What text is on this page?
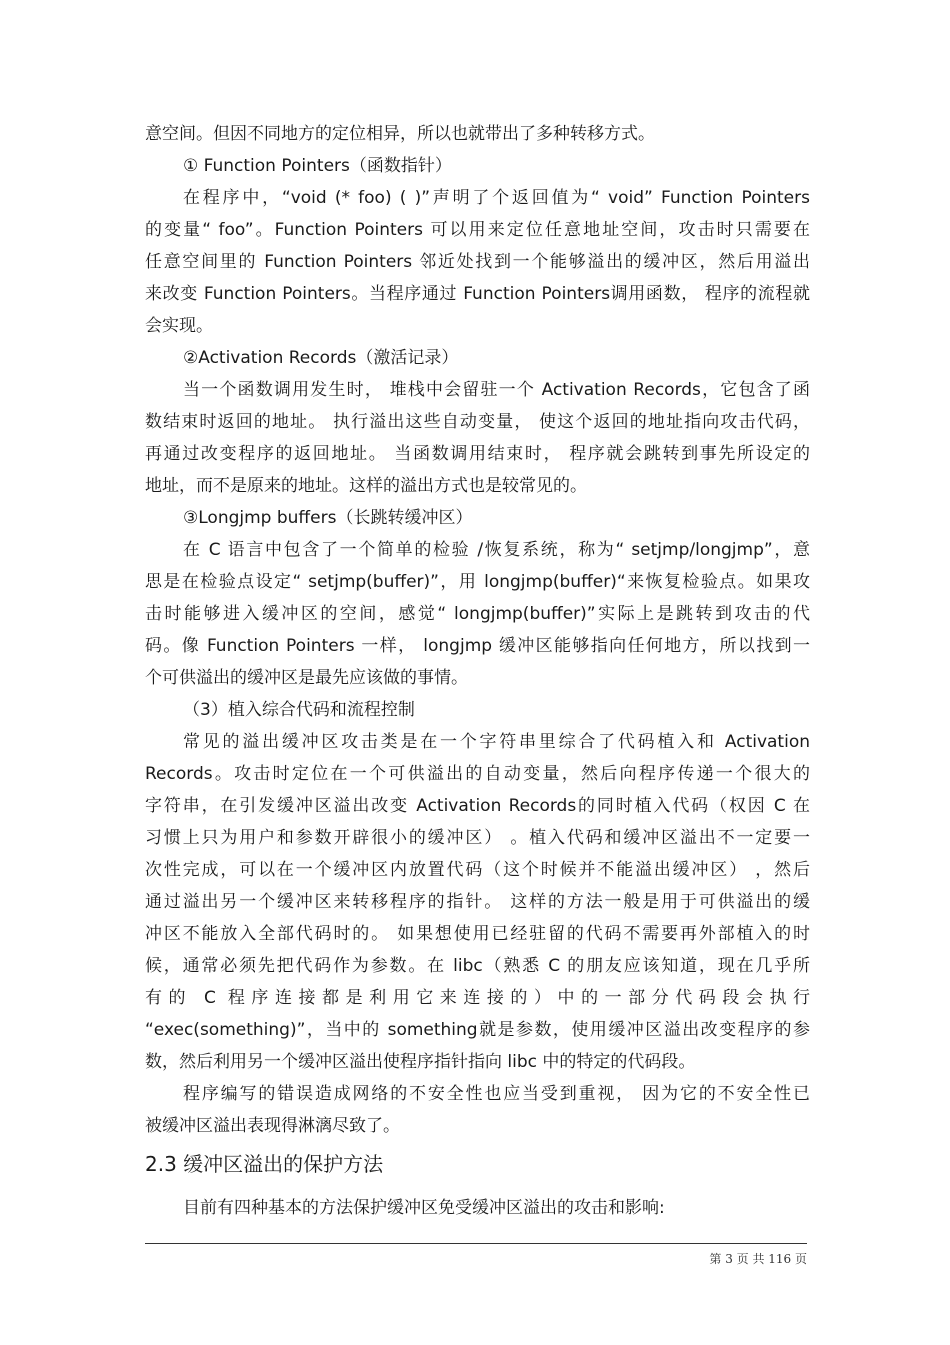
意空间。但因不同地方的定位相异，所以也就带出了多种转移方式。
① Function Pointers（函数指针）
在程序中，“void (* foo) ( )”声明了个返回值为“ void” Function Pointers
的变量“ foo”。Function Pointers 可以用来定位任意地址空间，攻击时只需要在
任意空间里的 Function Pointers 邻近处找到一个能够溢出的缓冲区，然后用溢出
来改变 Function Pointers。当程序通过 Function Pointers调用函数， 程序的流程就
会实现。
②Activation Records（激活记录）
当一个函数调用发生时， 堆栈中会留驻一个 Activation Records，它包含了函
数结束时返回的地址。 执行溢出这些自动变量， 使这个返回的地址指向攻击代码，
再通过改变程序的返回地址。 当函数调用结束时， 程序就会跳转到事先所设定的
地址，而不是原来的地址。这样的溢出方式也是较常见的。
③Longjmp buffers（长跳转缓冲区）
在 C 语言中包含了一个简单的检验 /恢复系统，称为“ setjmp/longjmp”，意
思是在检验点设定“ setjmp(buffer)”，用 longjmp(buffer)“来恢复检验点。如果攻
击时能够进入缓冲区的空间，感觉“ longjmp(buffer)”实际上是跳转到攻击的代
码。像 Function Pointers 一样， longjmp 缓冲区能够指向任何地方，所以找到一
个可供溢出的缓冲区是最先应该做的事情。
（3）植入综合代码和流程控制
常见的溢出缓冲区攻击类是在一个字符串里综合了代码植入和 Activation
Records。攻击时定位在一个可供溢出的自动变量，然后向程序传递一个很大的
字符串，在引发缓冲区溢出改变 Activation Records的同时植入代码（权因 C 在
习惯上只为用户和参数开辟很小的缓冲区） 。植入代码和缓冲区溢出不一定要一
次性完成，可以在一个缓冲区内放置代码（这个时候并不能溢出缓冲区） ，然后
通过溢出另一个缓冲区来转移程序的指针。 这样的方法一般是用于可供溢出的缓
冲区不能放入全部代码时的。 如果想使用已经驻留的代码不需要再外部植入的时
候，通常必须先把代码作为参数。在 libc（熟悉 C 的朋友应该知道，现在几乎所
有的 C 程序连接都是利用它来连接的）中的一部分代码段会执行
“exec(something)”，当中的 something就是参数，使用缓冲区溢出改变程序的参
数，然后利用另一个缓冲区溢出使程序指针指向 libc 中的特定的代码段。
程序编写的错误造成网络的不安全性也应当受到重视， 因为它的不安全性已
被缓冲区溢出表现得淋漓尽致了。
2.3 缓冲区溢出的保护方法
目前有四种基本的方法保护缓冲区免受缓冲区溢出的攻击和影响:
第 3 页 共 116 页
